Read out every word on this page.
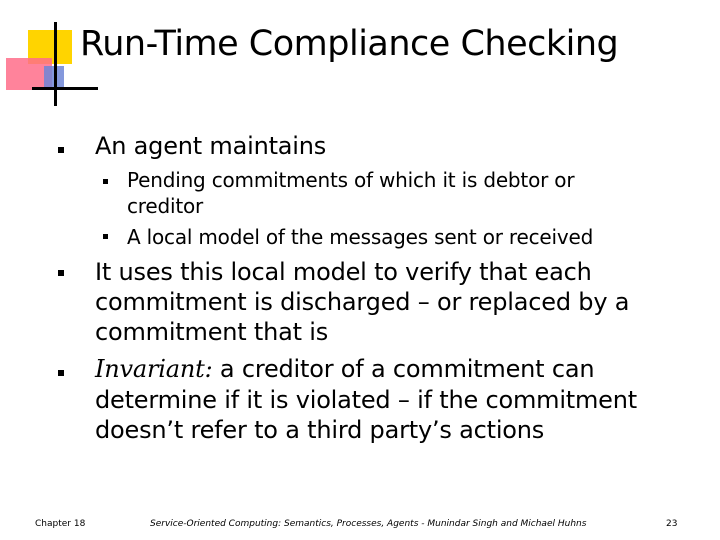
Run-Time Compliance Checking
An agent maintains
Pending commitments of which it is debtor or
creditor
A local model of the messages sent or received
It uses this local model to verify that each
commitment is discharged – or replaced by a
commitment that is
Invariant: a creditor of a commitment can
determine if it is violated – if the commitment
doesn’t refer to a third party’s actions
Chapter 18	Service-Oriented Computing: Semantics, Processes, Agents - Munindar Singh and Michael Huhns	23
